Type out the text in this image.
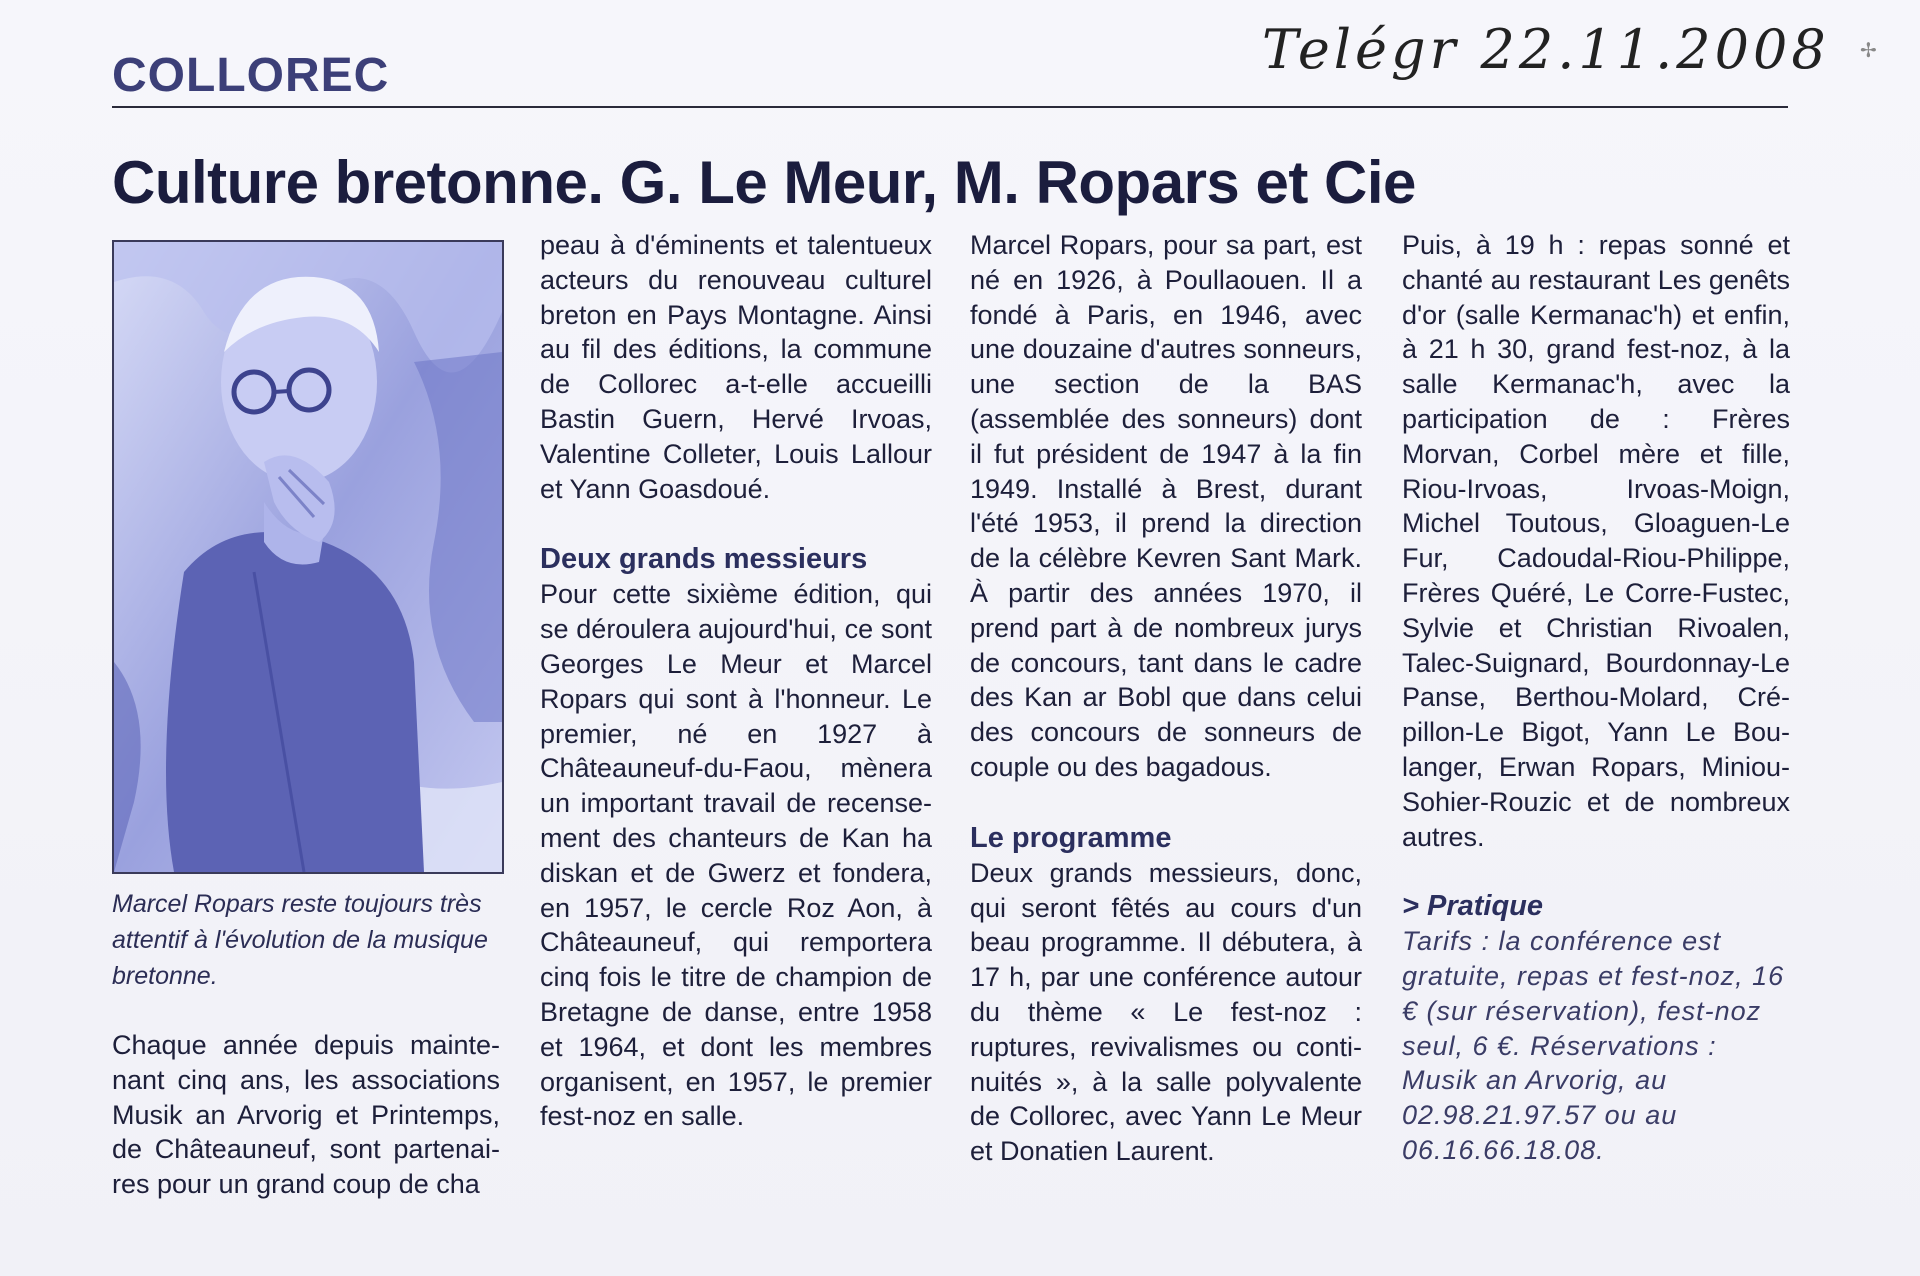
COLLOREC	Telégr 22.11.2008 ✢
Culture bretonne. G. Le Meur, M. Ropars et Cie
Marcel Ropars reste toujours très attentif à l'évolution de la musique bretonne.

Chaque année depuis maintenant cinq ans, les associations Musik an Arvorig et Printemps, de Châteauneuf, sont partenaires pour un grand coup de cha

peau à d'éminents et talentueux acteurs du renouveau culturel breton en Pays Montagne. Ainsi au fil des éditions, la commune de Collorec a-t-elle accueilli Bastin Guern, Hervé Irvoas, Valentine Colleter, Louis Lallour et Yann Goasdoué.

Deux grands messieurs

Pour cette sixième édition, qui se déroulera aujourd'hui, ce sont Georges Le Meur et Marcel Ropars qui sont à l'honneur. Le premier, né en 1927 à Châteauneuf-du-Faou, mènera un important travail de recensement des chanteurs de Kan ha diskan et de Gwerz et fondera, en 1957, le cercle Roz Aon, à Châteauneuf, qui remportera cinq fois le titre de champion de Bretagne de danse, entre 1958 et 1964, et dont les membres organisent, en 1957, le premier fest-noz en salle.

Marcel Ropars, pour sa part, est né en 1926, à Poullaouen. Il a fondé à Paris, en 1946, avec une douzaine d'autres sonneurs, une section de la BAS (assemblée des sonneurs) dont il fut président de 1947 à la fin 1949. Installé à Brest, durant l'été 1953, il prend la direction de la célèbre Kevren Sant Mark. À partir des années 1970, il prend part à de nombreux jurys de concours, tant dans le cadre des Kan ar Bobl que dans celui des concours de sonneurs de couple ou des bagadous.

Le programme

Deux grands messieurs, donc, qui seront fêtés au cours d'un beau programme. Il débutera, à 17 h, par une conférence autour du thème « Le fest-noz : ruptures, revivalismes ou continuités », à la salle polyvalente de Collorec, avec Yann Le Meur et Donatien Laurent.

Puis, à 19 h : repas sonné et chanté au restaurant Les genêts d'or (salle Kermanac'h) et enfin, à 21 h 30, grand fest-noz, à la salle Kermanac'h, avec la participation de : Frères Morvan, Corbel mère et fille, Riou-Irvoas, Irvoas-Moign, Michel Toutous, Gloaguen-Le Fur, Cadoudal-Riou-Philippe, Frères Quéré, Le Corre-Fustec, Sylvie et Christian Rivoalen, Talec-Suignard, Bourdonnay-Le Panse, Berthou-Molard, Crépillon-Le Bigot, Yann Le Boulanger, Erwan Ropars, Miniou-Sohier-Rouzic et de nombreux autres.

> Pratique

Tarifs : la conférence est gratuite, repas et fest-noz, 16 € (sur réservation), fest-noz seul, 6 €. Réservations : Musik an Arvorig, au 02.98.21.97.57 ou au 06.16.66.18.08.
